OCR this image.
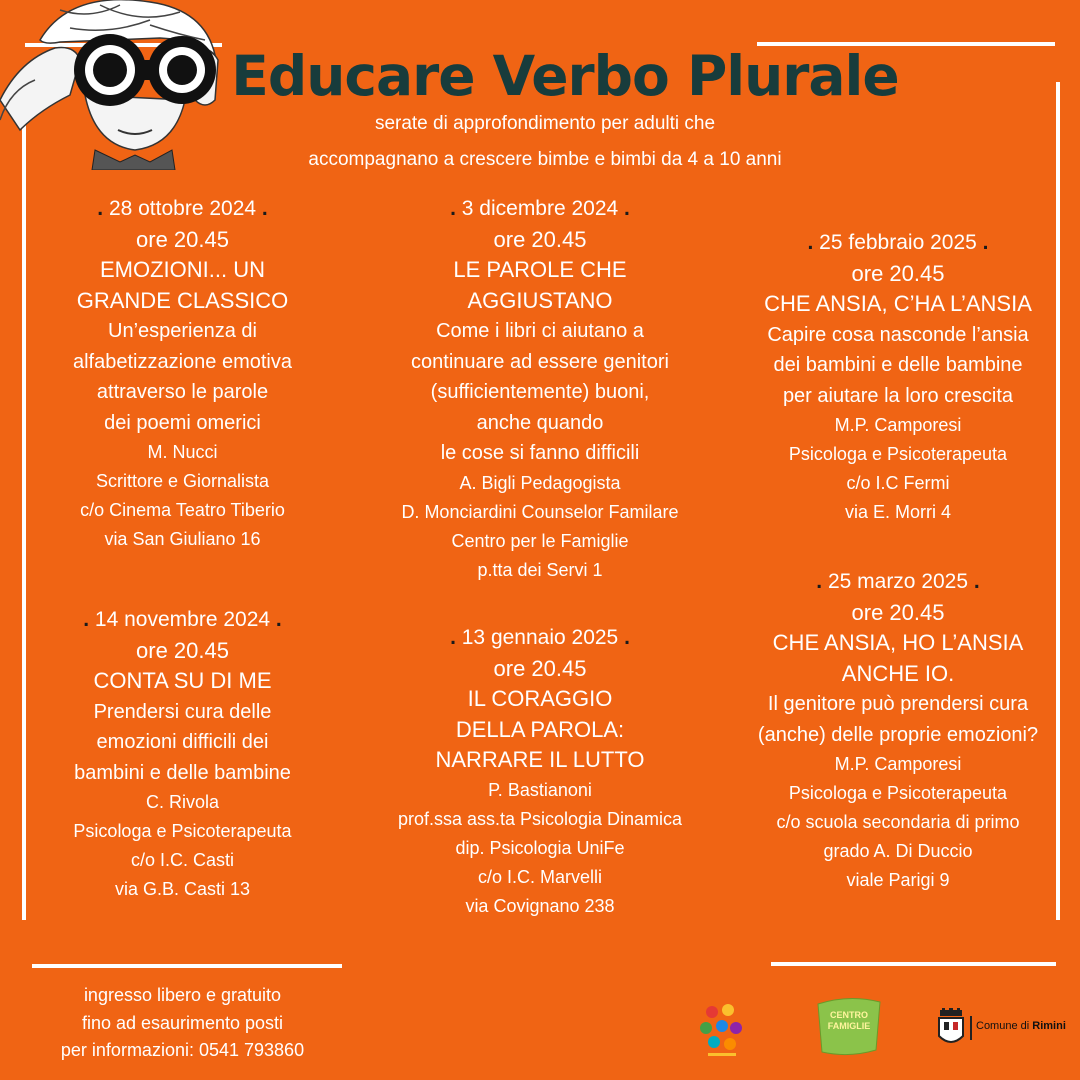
Educare Verbo Plurale
serate di approfondimento per adulti che
accompagnano a crescere bimbe e bimbi da 4 a 10 anni
. 28 ottobre 2024 .
ore 20.45
EMOZIONI... UN
GRANDE CLASSICO
Un’esperienza di
alfabetizzazione emotiva
attraverso le parole
dei poemi omerici
M. Nucci
Scrittore e Giornalista
c/o Cinema Teatro Tiberio
via San Giuliano 16
. 14 novembre 2024 .
ore 20.45
CONTA SU DI ME
Prendersi cura delle
emozioni difficili dei
bambini e delle bambine
C. Rivola
Psicologa e Psicoterapeuta
c/o I.C. Casti
via G.B. Casti 13
. 3 dicembre 2024 .
ore 20.45
LE PAROLE CHE
AGGIUSTANO
Come i libri ci aiutano a
continuare ad essere genitori
(sufficientemente) buoni,
anche quando
le cose si fanno difficili
A. Bigli Pedagogista
D. Monciardini Counselor Familare
Centro per le Famiglie
p.tta dei Servi 1
. 13 gennaio 2025 .
ore 20.45
IL CORAGGIO
DELLA PAROLA:
NARRARE IL LUTTO
P. Bastianoni
prof.ssa ass.ta Psicologia Dinamica
dip. Psicologia UniFe
c/o I.C. Marvelli
via Covignano 238
. 25 febbraio 2025 .
ore 20.45
CHE ANSIA, C’HA L’ANSIA
Capire cosa nasconde l’ansia
dei bambini e delle bambine
per aiutare la loro crescita
M.P. Camporesi
Psicologa e Psicoterapeuta
c/o I.C Fermi
via E. Morri 4
. 25 marzo 2025 .
ore 20.45
CHE ANSIA, HO L’ANSIA
ANCHE IO.
Il genitore può prendersi cura
(anche) delle proprie emozioni?
M.P. Camporesi
Psicologa e Psicoterapeuta
c/o scuola secondaria di primo
grado A. Di Duccio
viale Parigi 9
ingresso libero e gratuito
fino ad esaurimento posti
per informazioni: 0541 793860
CENTRO FAMIGLIE	Comune di Rimini
